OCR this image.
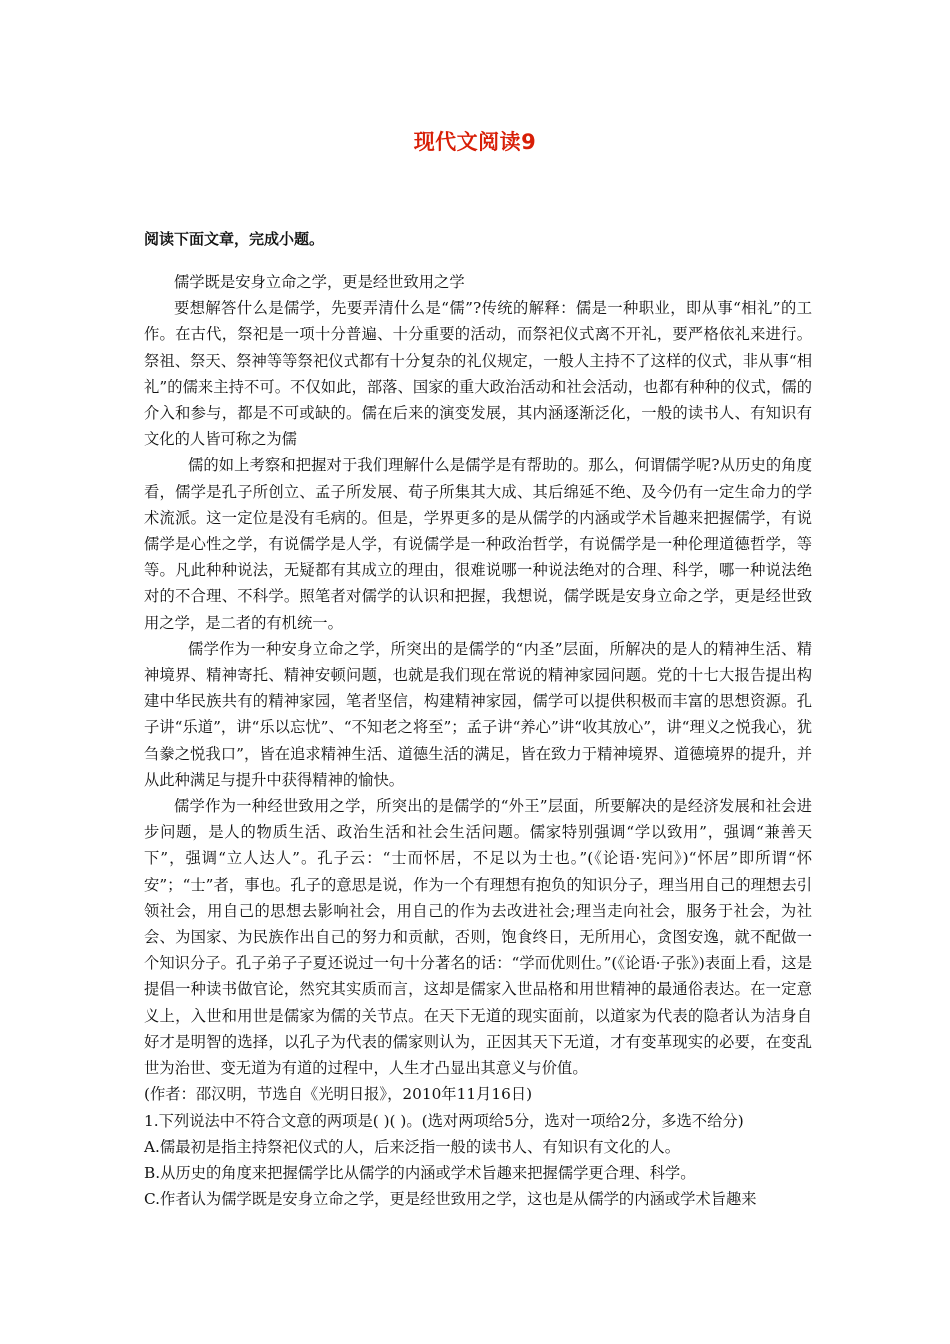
现代文阅读9
阅读下面文章，完成小题。

儒学既是安身立命之学，更是经世致用之学

要想解答什么是儒学，先要弄清什么是“儒”?传统的解释：儒是一种职业，即从事“相礼”的工作。在古代，祭祀是一项十分普遍、十分重要的活动，而祭祀仪式离不开礼，要严格依礼来进行。祭祖、祭天、祭神等等祭祀仪式都有十分复杂的礼仪规定，一般人主持不了这样的仪式，非从事“相礼”的儒来主持不可。不仅如此，部落、国家的重大政治活动和社会活动，也都有种种的仪式，儒的介入和参与，都是不可或缺的。儒在后来的演变发展，其内涵逐渐泛化，一般的读书人、有知识有文化的人皆可称之为儒

儒的如上考察和把握对于我们理解什么是儒学是有帮助的。那么，何谓儒学呢?从历史的角度看，儒学是孔子所创立、孟子所发展、荀子所集其大成、其后绵延不绝、及今仍有一定生命力的学术流派。这一定位是没有毛病的。但是，学界更多的是从儒学的内涵或学术旨趣来把握儒学，有说儒学是心性之学，有说儒学是人学，有说儒学是一种政治哲学，有说儒学是一种伦理道德哲学，等等。凡此种种说法，无疑都有其成立的理由，很难说哪一种说法绝对的合理、科学，哪一种说法绝对的不合理、不科学。照笔者对儒学的认识和把握，我想说，儒学既是安身立命之学，更是经世致用之学，是二者的有机统一。

儒学作为一种安身立命之学，所突出的是儒学的“内圣”层面，所解决的是人的精神生活、精神境界、精神寄托、精神安顿问题，也就是我们现在常说的精神家园问题。党的十七大报告提出构建中华民族共有的精神家园，笔者坚信，构建精神家园，儒学可以提供积极而丰富的思想资源。孔子讲“乐道”，讲“乐以忘忧”、“不知老之将至”；孟子讲“养心”讲“收其放心”，讲“理义之悦我心，犹刍豢之悦我口”，皆在追求精神生活、道德生活的满足，皆在致力于精神境界、道德境界的提升，并从此种满足与提升中获得精神的愉快。

儒学作为一种经世致用之学，所突出的是儒学的“外王”层面，所要解决的是经济发展和社会进步问题，是人的物质生活、政治生活和社会生活问题。儒家特别强调“学以致用”，强调“兼善天下”，强调“立人达人”。孔子云：“士而怀居，不足以为士也。”(《论语·宪问》)“怀居”即所谓“怀安”；“士”者，事也。孔子的意思是说，作为一个有理想有抱负的知识分子，理当用自己的理想去引领社会，用自己的思想去影响社会，用自己的作为去改进社会;理当走向社会，服务于社会，为社会、为国家、为民族作出自己的努力和贡献，否则，饱食终日，无所用心，贪图安逸，就不配做一个知识分子。孔子弟子子夏还说过一句十分著名的话：“学而优则仕。”(《论语·子张》)表面上看，这是提倡一种读书做官论，然究其实质而言，这却是儒家入世品格和用世精神的最通俗表达。在一定意义上，入世和用世是儒家为儒的关节点。在天下无道的现实面前，以道家为代表的隐者认为洁身自好才是明智的选择，以孔子为代表的儒家则认为，正因其天下无道，才有变革现实的必要，在变乱世为治世、变无道为有道的过程中，人生才凸显出其意义与价值。

(作者：邵汉明，节选自《光明日报》，2010年11月16日)

1.下列说法中不符合文意的两项是( )( )。(选对两项给5分，选对一项给2分，多选不给分)

A.儒最初是指主持祭祀仪式的人，后来泛指一般的读书人、有知识有文化的人。

B.从历史的角度来把握儒学比从儒学的内涵或学术旨趣来把握儒学更合理、科学。

C.作者认为儒学既是安身立命之学，更是经世致用之学，这也是从儒学的内涵或学术旨趣来
